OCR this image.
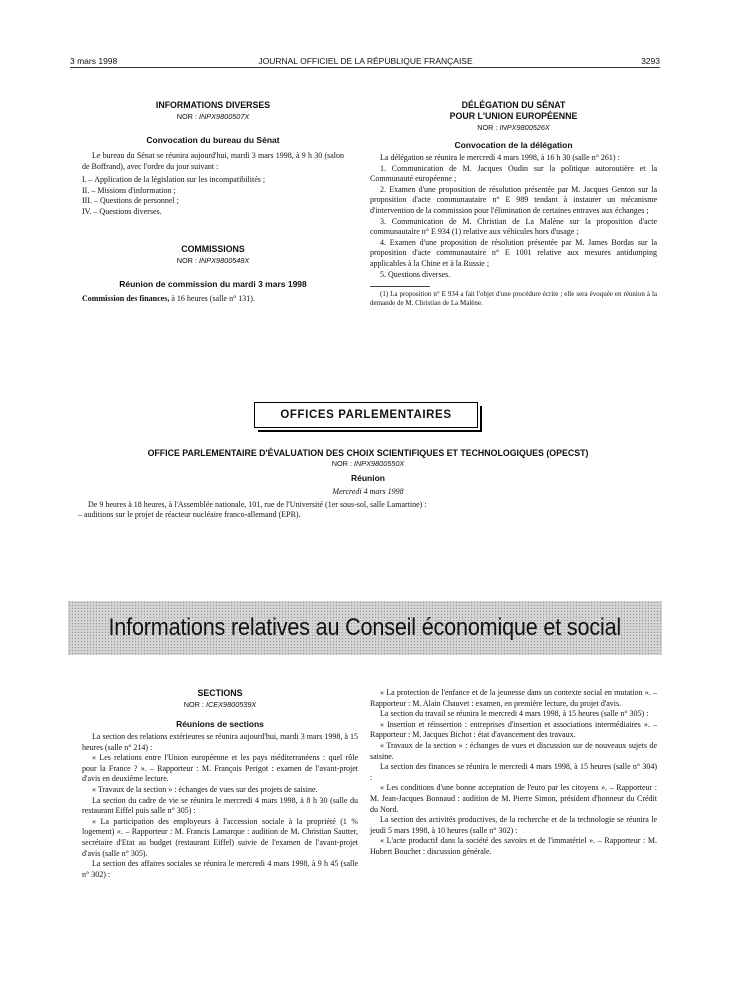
3 mars 1998	JOURNAL OFFICIEL DE LA RÉPUBLIQUE FRANÇAISE	3293
INFORMATIONS DIVERSES
NOR : INPX9800507X
Convocation du bureau du Sénat

Le bureau du Sénat se réunira aujourd'hui, mardi 3 mars 1998, à 9 h 30 (salon de Boffrand), avec l'ordre du jour suivant :

I. – Application de la législation sur les incompatibilités ;

II. – Missions d'information ;

III. – Questions de personnel ;

IV. – Questions diverses.

COMMISSIONS
NOR : INPX9800548X
Réunion de commission du mardi 3 mars 1998

Commission des finances, à 16 heures (salle n° 131).

DÉLÉGATION DU SÉNAT
POUR L'UNION EUROPÉENNE
NOR : INPX9800526X
Convocation de la délégation

La délégation se réunira le mercredi 4 mars 1998, à 16 h 30 (salle n° 261) :

1. Communication de M. Jacques Oudin sur la politique autoroutière et la Communauté européenne ;

2. Examen d'une proposition de résolution présentée par M. Jacques Genton sur la proposition d'acte communautaire n° E 989 tendant à instaurer un mécanisme d'intervention de la commission pour l'élimination de certaines entraves aux échanges ;

3. Communication de M. Christian de La Malène sur la proposition d'acte communautaire n° E 934 (1) relative aux véhicules hors d'usage ;

4. Examen d'une proposition de résolution présentée par M. James Bordas sur la proposition d'acte communautaire n° E 1001 relative aux mesures antidumping applicables à la Chine et à la Russie ;

5. Questions diverses.

(1) La proposition n° E 934 a fait l'objet d'une procédure écrite ; elle sera évoquée en réunion à la demande de M. Christian de La Malène.

OFFICES PARLEMENTAIRES
OFFICE PARLEMENTAIRE D'ÉVALUATION DES CHOIX SCIENTIFIQUES ET TECHNOLOGIQUES (OPECST)
NOR : INPX9800550X
Réunion
Mercredi 4 mars 1998

De 9 heures à 18 heures, à l'Assemblée nationale, 101, rue de l'Université (1er sous-sol, salle Lamartine) :

– auditions sur le projet de réacteur nucléaire franco-allemand (EPR).

Informations relatives au Conseil économique et social
SECTIONS
NOR : ICEX9800539X
Réunions de sections

La section des relations extérieures se réunira aujourd'hui, mardi 3 mars 1998, à 15 heures (salle n° 214) :

« Les relations entre l'Union européenne et les pays méditerranéens : quel rôle pour la France ? ». – Rapporteur : M. François Perigot : examen de l'avant-projet d'avis en deuxième lecture.

« Travaux de la section » : échanges de vues sur des projets de saisine.

La section du cadre de vie se réunira le mercredi 4 mars 1998, à 8 h 30 (salle du restaurant Eiffel puis salle n° 305) :

« La participation des employeurs à l'accession sociale à la propriété (1 % logement) ». – Rapporteur : M. Francis Lamarque : audition de M. Christian Sautter, secrétaire d'Etat au budget (restaurant Eiffel) suivie de l'examen de l'avant-projet d'avis (salle n° 305).

La section des affaires sociales se réunira le mercredi 4 mars 1998, à 9 h 45 (salle n° 302) :

« La protection de l'enfance et de la jeunesse dans un contexte social en mutation ». – Rapporteur : M. Alain Chauvet : examen, en première lecture, du projet d'avis.

La section du travail se réunira le mercredi 4 mars 1998, à 15 heures (salle n° 305) :

« Insertion et réinsertion : entreprises d'insertion et associations intermédiaires ». – Rapporteur : M. Jacques Bichot : état d'avancement des travaux.

« Travaux de la section » : échanges de vues et discussion sur de nouveaux sujets de saisine.

La section des finances se réunira le mercredi 4 mars 1998, à 15 heures (salle n° 304) :

« Les conditions d'une bonne acceptation de l'euro par les citoyens ». – Rapporteur : M. Jean-Jacques Bonnaud : audition de M. Pierre Simon, président d'honneur du Crédit du Nord.

La section des activités productives, de la recherche et de la technologie se réunira le jeudi 5 mars 1998, à 10 heures (salle n° 302) :

« L'acte productif dans la société des savoirs et de l'immatériel ». – Rapporteur : M. Hubert Bouchet : discussion générale.
